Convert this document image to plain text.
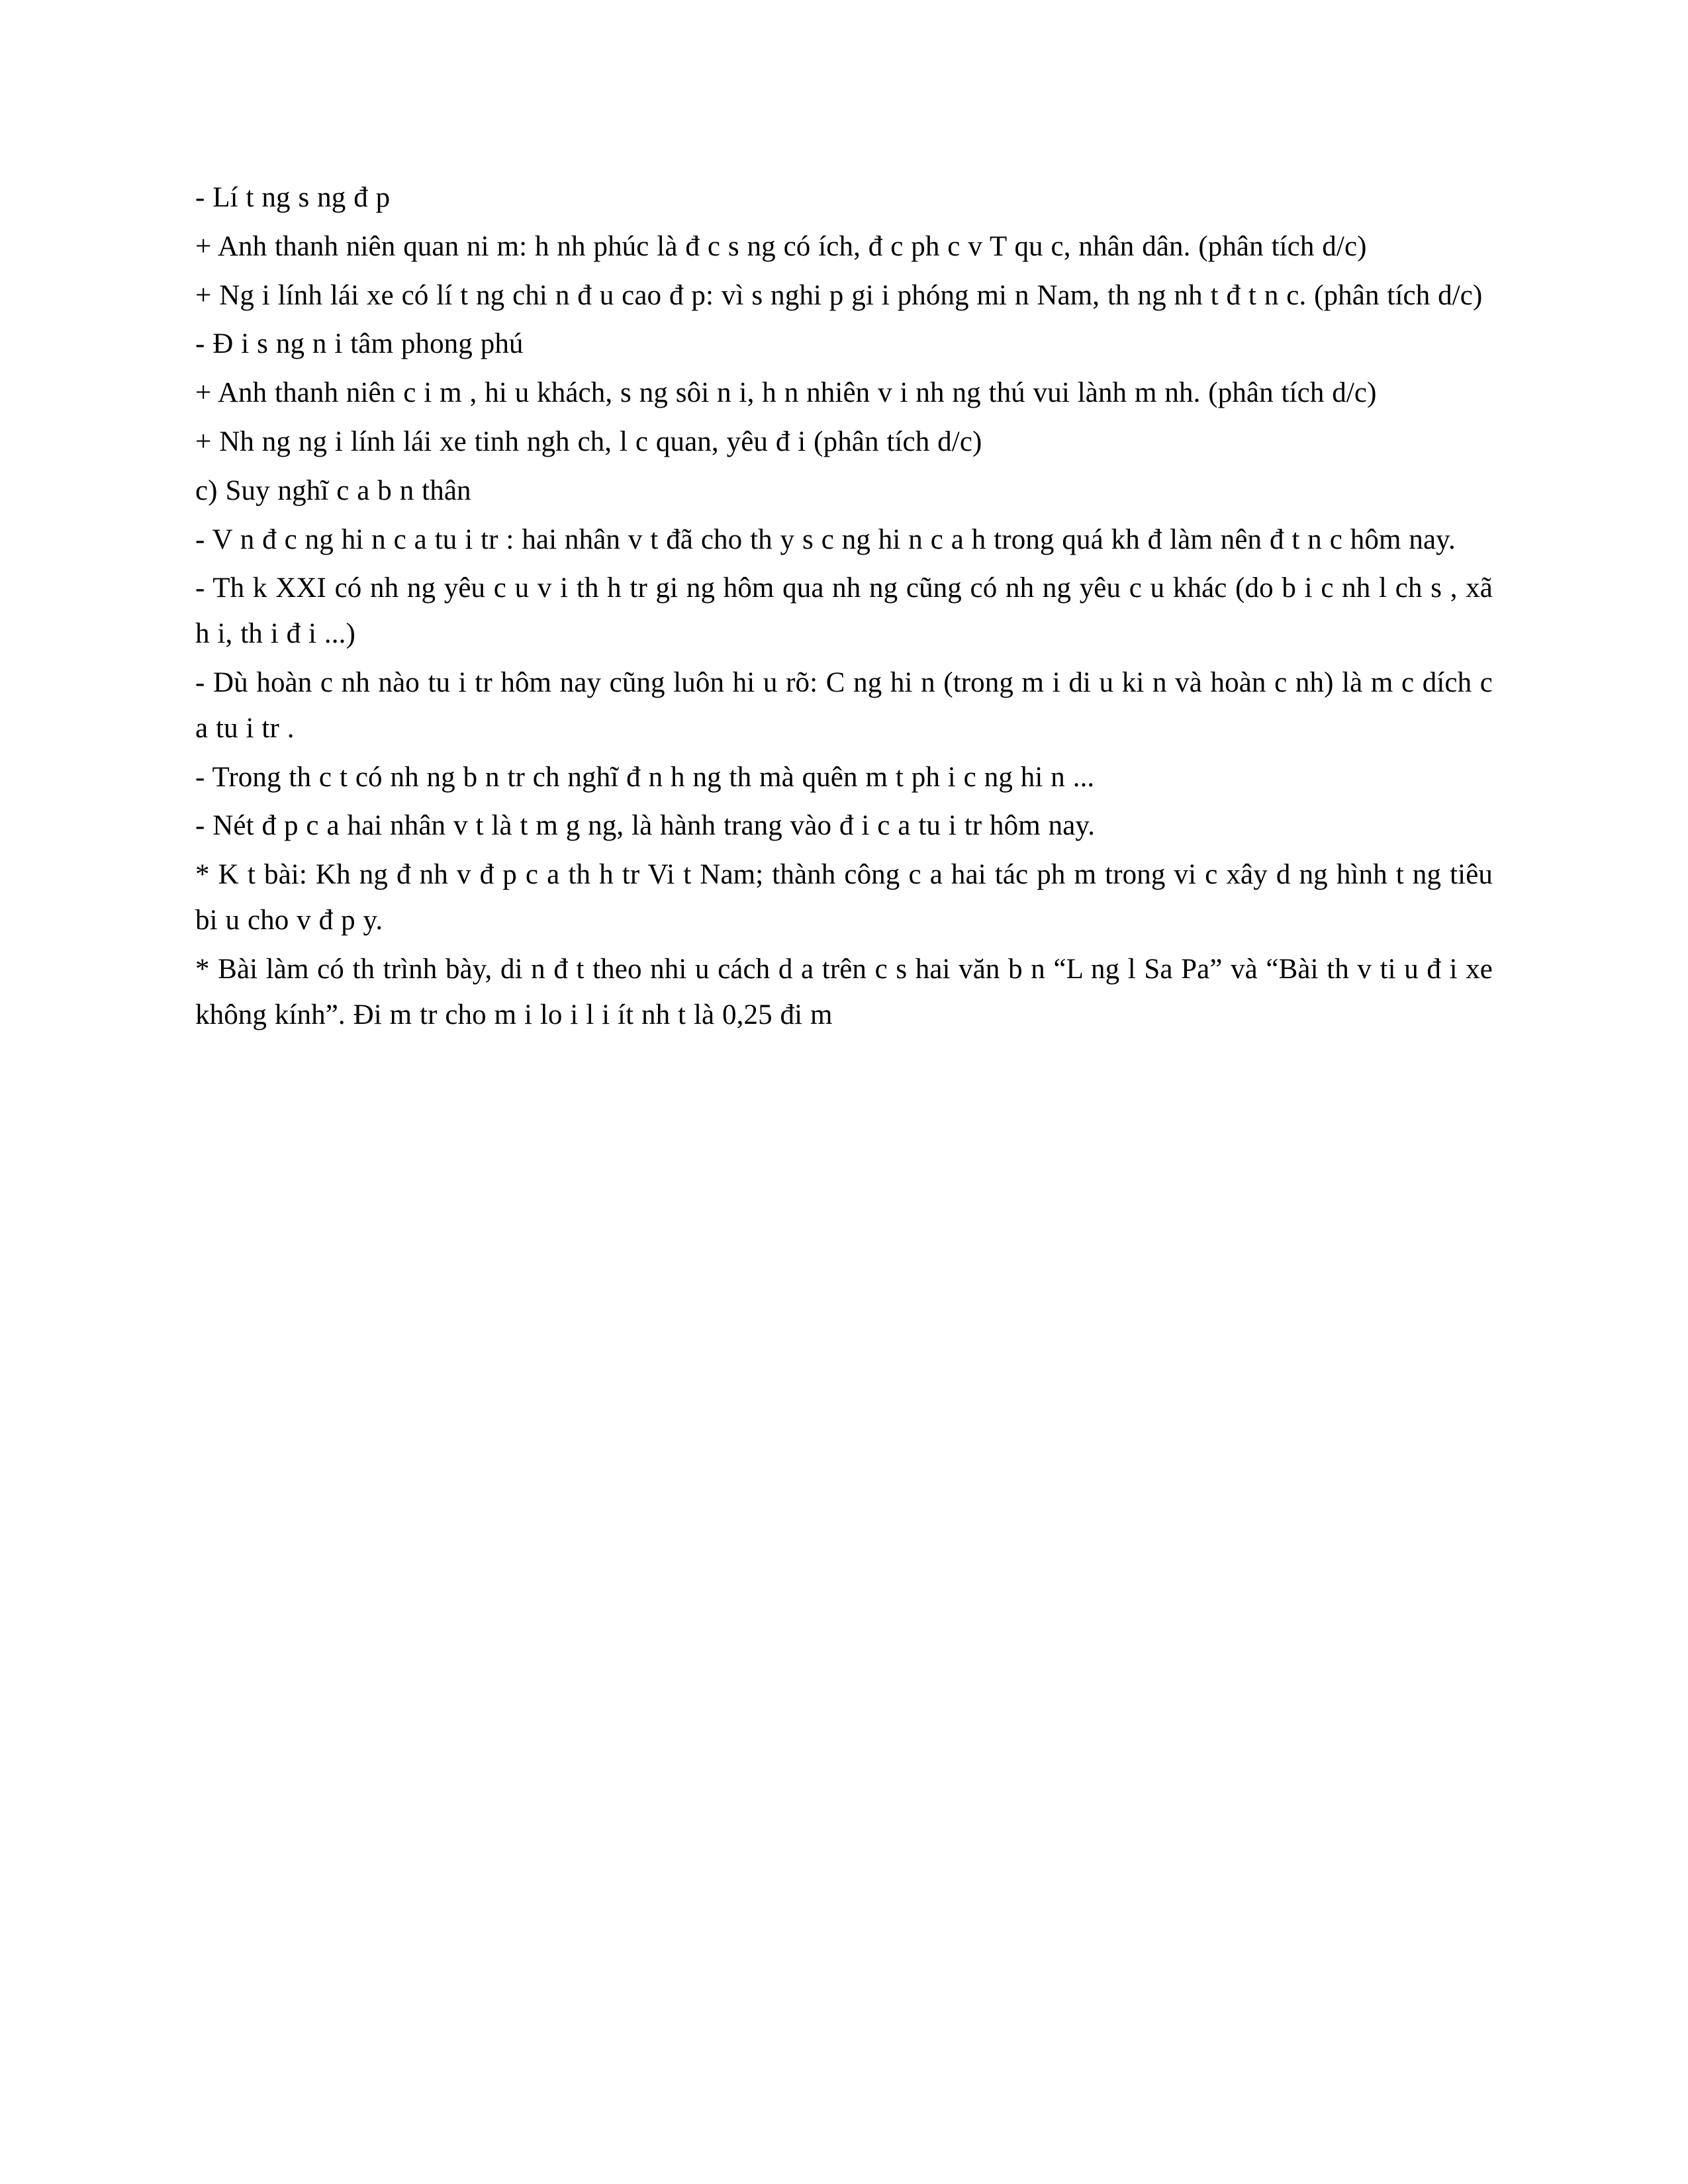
- Lí t ng s ng đ p

+ Anh thanh niên quan ni m: h nh phúc là đ c s ng có ích, đ c ph c v T qu c, nhân dân. (phân tích d/c)

+ Ng i lính lái xe có lí t ng chi n đ u cao đ p: vì s nghi p gi i phóng mi n Nam, th ng nh t đ t n c. (phân tích d/c)

- Đ i s ng n i tâm phong phú

+ Anh thanh niên c i m , hi u khách, s ng sôi n i, h n nhiên v i nh ng thú vui lành m nh. (phân tích d/c)

+ Nh ng ng i lính lái xe tinh ngh ch, l c quan, yêu đ i (phân tích d/c)

c) Suy nghĩ c a b n thân

- V n đ c ng hi n c a tu i tr : hai nhân v t đã cho th y s c ng hi n c a h trong quá kh đ làm nên đ t n c hôm nay.

- Th k XXI có nh ng yêu c u v i th h tr gi ng hôm qua nh ng cũng có nh ng yêu c u khác (do b i c nh l ch s , xã h i, th i đ i ...)

- Dù hoàn c nh nào tu i tr hôm nay cũng luôn hi u rõ: C ng hi n (trong m i di u ki n và hoàn c nh) là m c dích c a tu i tr .

- Trong th c t có nh ng b n tr ch nghĩ đ n h ng th mà quên m t ph i c ng hi n ...

- Nét đ p c a hai nhân v t là t m g ng, là hành trang vào đ i c a tu i tr hôm nay.

* K t bài: Kh ng đ nh v đ p c a th h tr Vi t Nam; thành công c a hai tác ph m trong vi c xây d ng hình t ng tiêu bi u cho v đ p y.

* Bài làm có th trình bày, di n đ t theo nhi u cách d a trên c s hai văn b n “L ng l Sa Pa” và “Bài th v ti u đ i xe không kính”. Đi m tr cho m i lo i l i ít nh t là 0,25 đi m
